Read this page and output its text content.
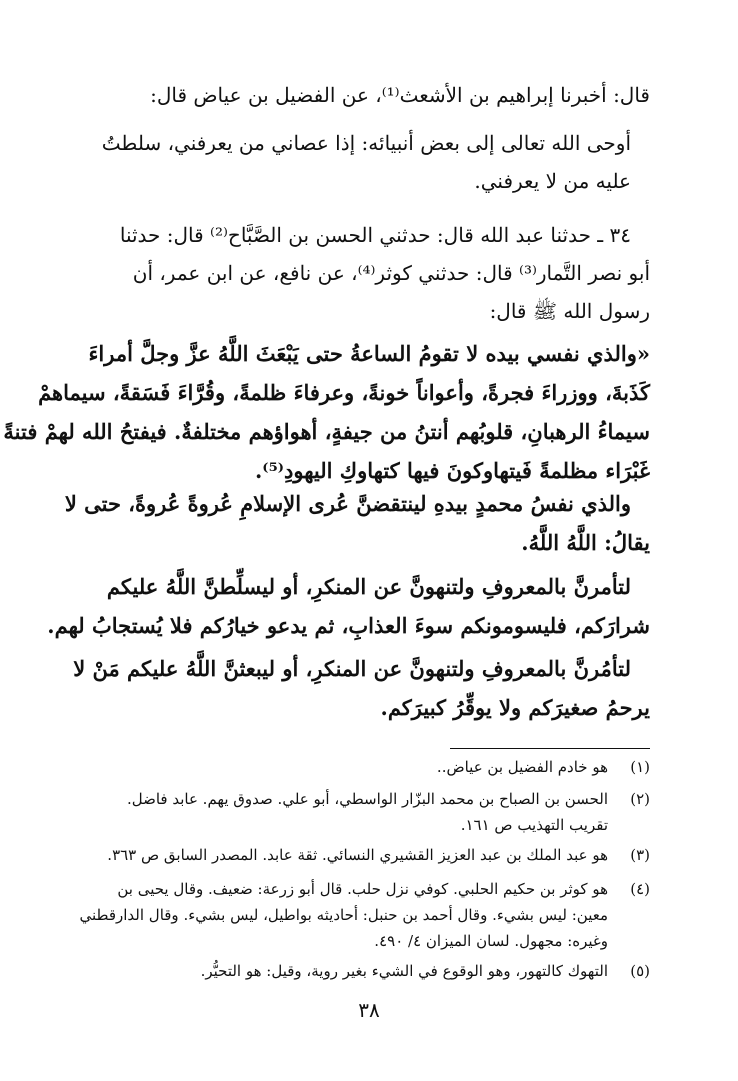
قال: أخبرنا إبراهيم بن الأشعث⁽¹⁾، عن الفضيل بن عياض قال:
أوحى الله تعالى إلى بعض أنبيائه: إذا عصاني من يعرفني، سلطتُ
عليه من لا يعرفني.
٣٤ ـ حدثنا عبد الله قال: حدثني الحسن بن الصَّبَّاح⁽²⁾ قال: حدثنا
أبو نصر التَّمار⁽³⁾ قال: حدثني كوثر⁽⁴⁾، عن نافع، عن ابن عمر، أن
رسول الله ﷺ قال:
«والذي نفسي بيده لا تقومُ الساعةُ حتى يَبْعَثَ اللَّهُ عزَّ وجلَّ أمراءَ
كَذَبةَ، ووزراءَ فجرةً، وأعواناً خونةً، وعرفاءَ ظلمةً، وقُرَّاءَ فَسَقةً، سيماهمْ
سيماءُ الرهبانِ، قلوبُهم أنتنُ من جيفةٍ، أهواؤهم مختلفةٌ. فيفتحُ الله لهمْ فتنةً
غَبْرَاء مظلمةً فَيتهاوكونَ فيها كتهاوكِ اليهودِ⁽⁵⁾.
والذي نفسُ محمدٍ بيدهِ لينتقضنَّ عُرى الإسلامِ عُروةً عُروةً، حتى لا
يقالُ: اللَّهُ اللَّهُ.
لتأمرنَّ بالمعروفِ ولتنهونَّ عن المنكرِ، أو ليسلِّطنَّ اللَّهُ عليكم
شرارَكم، فليسومونكم سوءَ العذابِ، ثم يدعو خيارُكم فلا يُستجابُ لهم.
لتأمُرنَّ بالمعروفِ ولتنهونَّ عن المنكرِ، أو ليبعثنَّ اللَّهُ عليكم مَنْ لا
يرحمُ صغيرَكم ولا يوقِّرُ كبيرَكم.
(١)
هو خادم الفضيل بن عياض..
(٢)
الحسن بن الصباح بن محمد البزّار الواسطي، أبو علي. صدوق يهم. عابد فاضل.
تقريب التهذيب ص ١٦١.
(٣)
هو عبد الملك بن عبد العزيز القشيري النسائي. ثقة عابد. المصدر السابق ص ٣٦٣.
(٤)
هو كوثر بن حكيم الحلبي. كوفي نزل حلب. قال أبو زرعة: ضعيف. وقال يحيى بن
معين: ليس بشيء. وقال أحمد بن حنبل: أحاديثه بواطيل، ليس بشيء. وقال الدارقطني
وغيره: مجهول. لسان الميزان ٤/ ٤٩٠.
(٥)
التهوك كالتهور، وهو الوقوع في الشيء بغير روية، وقيل: هو التحيُّر.
٣٨
